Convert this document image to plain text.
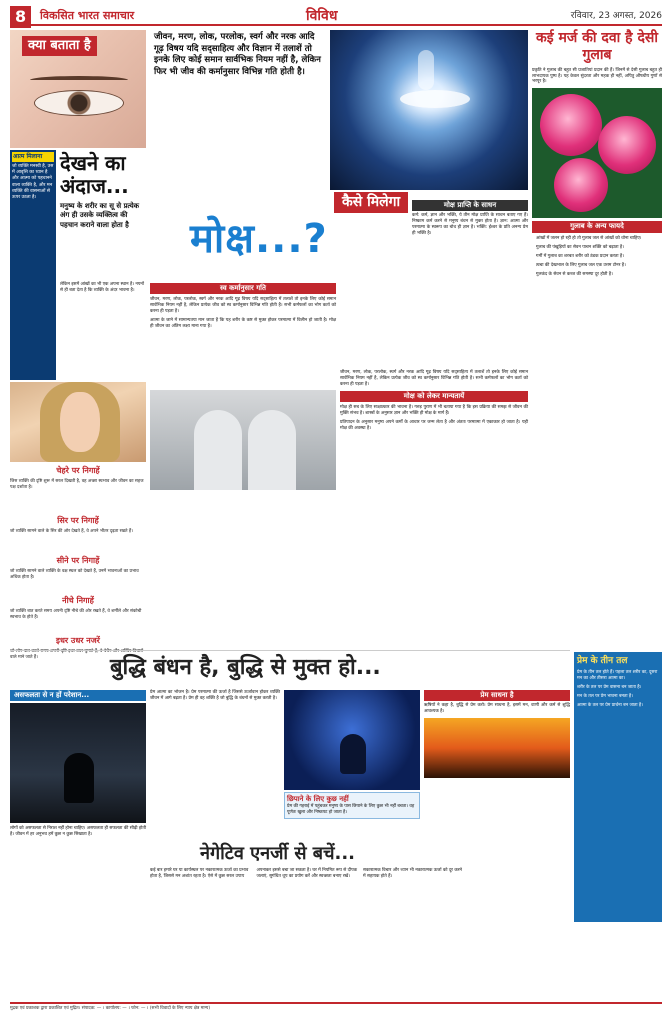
8	विकसित भारत समाचार	विविध	रविवार, 23 अगस्त, 2026
क्या बताता है
आत्म मिलाना
जो व्यक्ति मनस्वी है, उस में आवृत्ति का ध्यान है और आत्मा को पहचानने वाला व्यक्ति है, और मन व्यक्ति की वासनाओं से ऊपर उठता है।
देखने का अंदाज...
मनुष्य के शरीर का सू से प्रत्येक अंग ही उसके व्यक्तित्व की पहचान कराने वाला होता है
लेकिन इसमें आंखों का भी एक अपना स्थान है। नयनों से ही बता देता है कि व्यक्ति के अंदर भावना है।
चेहरे पर निगाहें

जिस व्यक्ति की दृष्टि शुरू में सरल दिखती है, वह अच्छा स्वभाव और जीवन का सहज पक्ष दर्शाता है।

सिर पर निगाहें

जो व्यक्ति सामने वाले के सिर की ओर देखते हैं, वे अपने भीतर दृढ़ता रखते हैं।

सीने पर निगाहें

जो व्यक्ति सामने वाले व्यक्ति के वक्ष स्थल को देखते हैं, उनमें भावनाओं का प्रभाव अधिक होता है।

नीचे निगाहें

जो व्यक्ति बात करते समय अपनी दृष्टि नीचे की ओर रखते हैं, वे शर्मीले और संकोची स्वभाव के होते हैं।

इधर उधर नजरें

जो लोग बात करते समय अपनी दृष्टि इधर उधर घुमाते हैं, वे बेचैन और अस्थिर विचारों वाले माने जाते हैं।

जीवन, मरण, लोक, परलोक, स्वर्ग और नरक आदि गूढ़ विषय यदि सद्साहित्य और विज्ञान में तलाशें तो इनके लिए कोई समान सार्वभिक नियम नहीं है, लेकिन फिर भी जीव की कर्मानुसार विभिन्न गति होती है।
कैसे मिलेगा
मोक्ष...?
मोक्ष प्राप्ति के साधन

कर्म: कर्म, ज्ञान और भक्ति, ये तीन मोक्ष प्राप्ति के साधन बताए गए हैं। निष्काम कर्म करने से मनुष्य बंधन से मुक्त होता है। ज्ञान: आत्मा और परमात्मा के स्वरूप का बोध ही ज्ञान है। भक्ति: ईश्वर के प्रति अनन्य प्रेम ही भक्ति है।

स्व कर्मानुसार गति

जीवन, मरण, लोक, परलोक, स्वर्ग और नरक आदि गूढ़ विषय यदि सद्साहित्य में तलाशें तो इनके लिए कोई समान सार्वभिक नियम नहीं है, लेकिन प्रत्येक जीव को स्व कर्मानुसार विभिन्न गति होती है। सभी कर्मफलों का भोग कर्ता को करना ही पड़ता है।

आत्मा के जाने में सामान्यतया मान जाता है कि यह शरीर के कष्ट से मुक्त होकर परमात्मा में विलीन हो जाती है। मोक्ष ही जीवन का अंतिम लक्ष्य माना गया है।

जीवन, मरण, लोक, परलोक, स्वर्ग और नरक आदि गूढ़ विषय यदि सद्साहित्य में तलाशें तो इनके लिए कोई समान सार्वभिक नियम नहीं है, लेकिन प्रत्येक जीव को स्व कर्मानुसार विभिन्न गति होती है। सभी कर्मफलों का भोग कर्ता को करना ही पड़ता है।

मोक्ष को लेकर मान्यतायें

मोक्ष ही सब के लिए साक्षात्कार की भावना है। गरुड़ पुराण में भी बताया गया है कि इस प्रक्रिया की समझ से जीवन की मुक्ति संभव है। शास्त्रों के अनुसार ज्ञान और भक्ति ही मोक्ष के मार्ग हैं।

प्रतिपादन के अनुसार मनुष्य अपने कर्मों के आधार पर जन्म लेता है और अंततः परमात्मा में एकाकार हो जाता है। यही मोक्ष की अवस्था है।

कई मर्ज की दवा है देसी गुलाब

प्रकृति ने गुलाब की बहुत सी प्रजातियां प्रदान की हैं। जिनमें से देसी गुलाब बहुत ही लाभदायक पुष्प है। यह केवल सुंदरता और महक ही नहीं, अपितु औषधीय गुणों से भरपूर है।

गुलाब के अन्य फायदे

आंखों में जलन हो रही हो तो गुलाब जल से आंखों को धोना चाहिए।

गुलाब की पंखुड़ियों का सेवन पाचन शक्ति को बढ़ाता है।

गर्मी में गुलाब का शरबत शरीर को ठंडक प्रदान करता है।

त्वचा की देखभाल के लिए गुलाब जल एक उत्तम टोनर है।

गुलकंद के सेवन से कब्ज की समस्या दूर होती है।

बुद्धि बंधन है, बुद्धि से मुक्त हो...
असफलता से न हों परेशान...

लोगों को असफलता से निराश नहीं होना चाहिए। असफलता ही सफलता की सीढ़ी होती है। जीवन में हर अनुभव हमें कुछ न कुछ सिखाता है।

प्रेम आत्मा का भोजन है। प्रेम परमात्मा की ऊर्जा है जिससे ऊर्जावान होकर व्यक्ति जीवन में आगे बढ़ता है। प्रेम ही वह शक्ति है जो बुद्धि के बंधनों से मुक्त करती है।

छिपाने के लिए कुछ नहीं

प्रेम की गहराई में पहुंचकर मनुष्य के पास छिपाने के लिए कुछ भी नहीं बचता। वह पूर्णतः खुला और निष्कपट हो जाता है।

प्रेम साधना है

ऋषियों ने कहा है, बुद्धि से प्रेम करो। प्रेम साधना है, इसमें मन, वाणी और कर्म से शुद्धि आवश्यक है।

प्रेम के तीन तल

प्रेम के तीन तल होते हैं। पहला तल शरीर का, दूसरा मन का और तीसरा आत्मा का।

शरीर के तल पर प्रेम वासना बन जाता है।

मन के तल पर प्रेम भावना बनता है।

आत्मा के तल पर प्रेम प्रार्थना बन जाता है।

नेगेटिव एनर्जी से बचें...
कई बार हमारे घर या कार्यस्थल पर नकारात्मक ऊर्जा का प्रभाव होता है, जिससे मन अशांत रहता है। ऐसे में कुछ सरल उपाय अपनाकर इससे बचा जा सकता है। घर में नियमित रूप से दीपक जलाएं, सुगंधित धूप का प्रयोग करें और स्वच्छता बनाए रखें। सकारात्मक विचार और ध्यान भी नकारात्मक ऊर्जा को दूर करने में सहायक होते हैं।
मुद्रक एवं प्रकाशक द्वारा प्रकाशित एवं मुद्रित। संपादक: — । कार्यालय: — । फोन: — । (सभी विवादों के लिए न्याय क्षेत्र मान्य)
